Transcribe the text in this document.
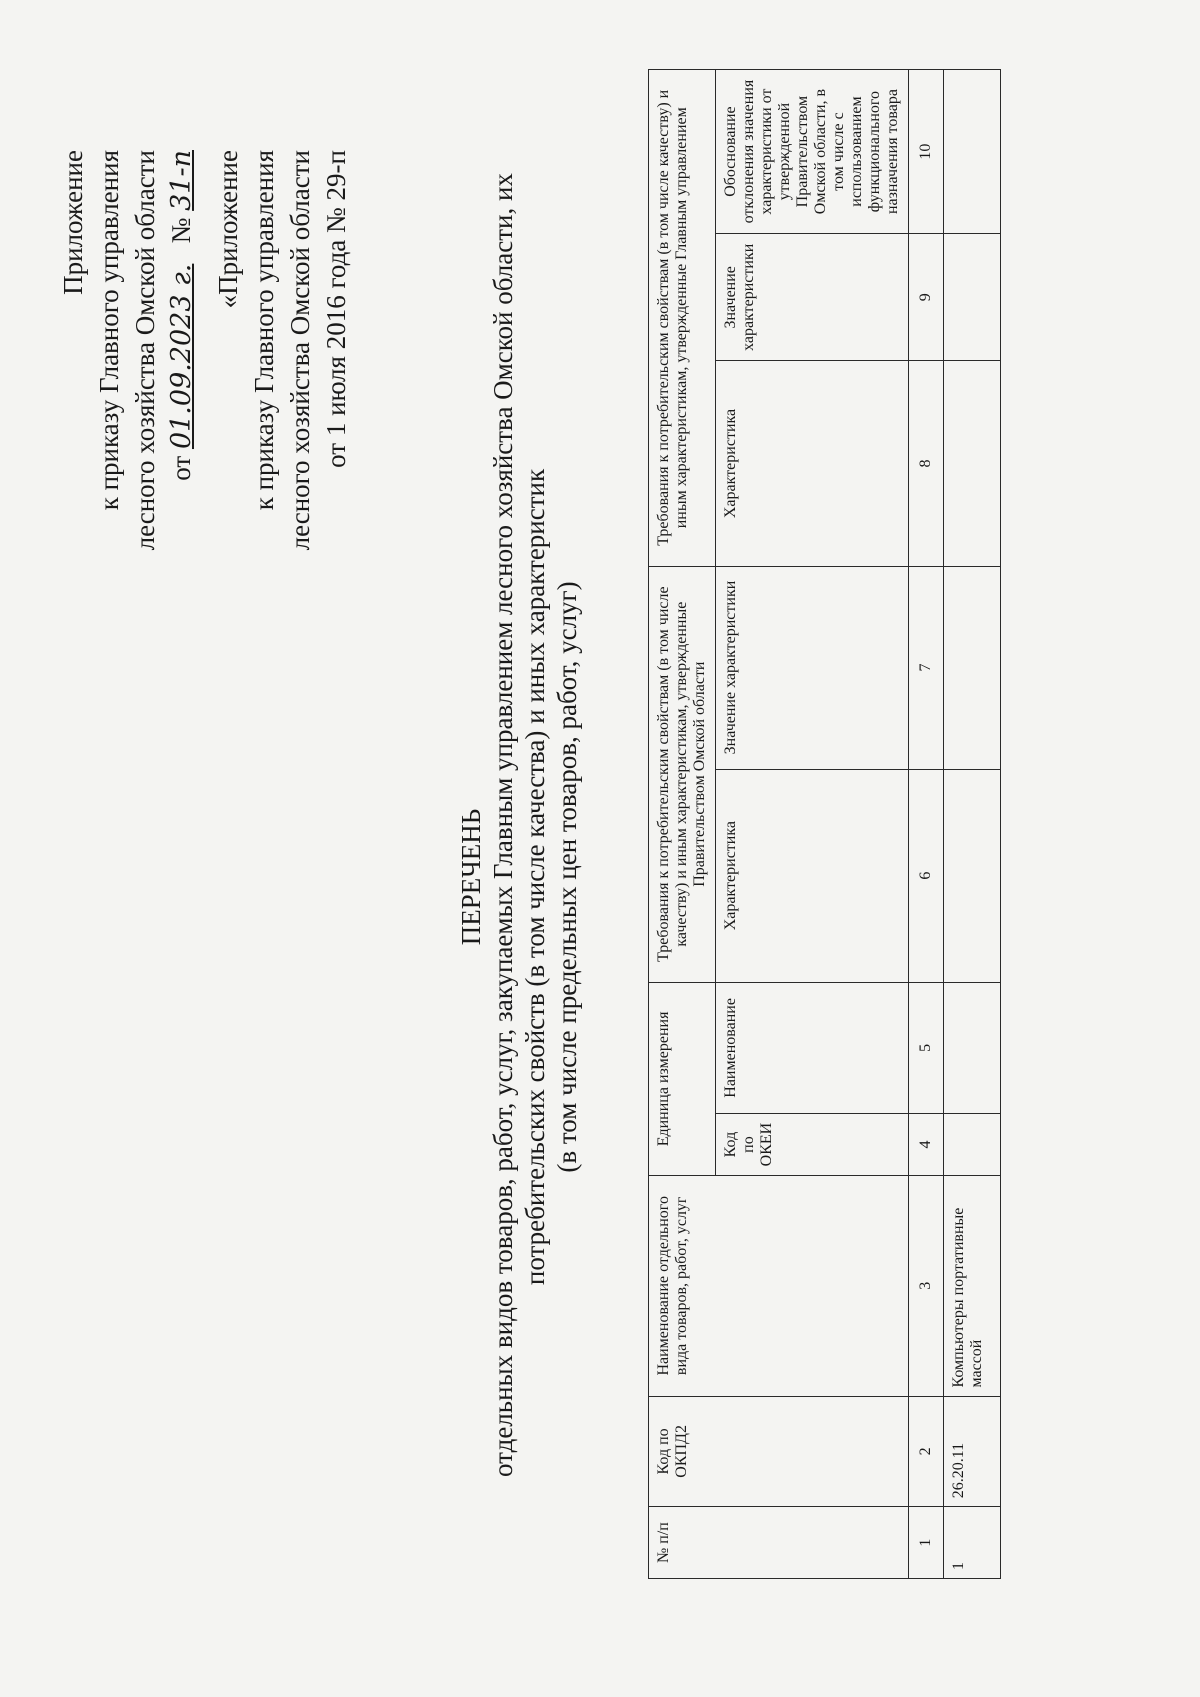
Приложение к приказу Главного управления лесного хозяйства Омской области от 01.09.2023 г.   № 31-п «Приложение к приказу Главного управления лесного хозяйства Омской области от 1 июля 2016 года № 29-п
ПЕРЕЧЕНЬ отдельных видов товаров, работ, услуг, закупаемых Главным управлением лесного хозяйства Омской области, их потребительских свойств (в том числе качества) и иных характеристик (в том числе предельных цен товаров, работ, услуг)
№ п/п	Код по ОКПД2	Наименование отдельного вида товаров, работ, услуг	Единица измерения		Требования к потребительским свойствам (в том числе качеству) и иным характеристикам, утвержденные Правительством Омской области		Требования к потребительским свойствам (в том числе качеству) и иным характеристикам, утвержденные Главным управлением		
			Код по ОКЕИ	Наименование	Характеристика	Значение характеристики	Характеристика	Значение характеристики	Обоснование отклонения значения характеристики от утвержденной Правительством Омской области, в том числе с использованием функционального назначения товара
1	2	3	4	5	6	7	8	9	10
1	26.20.11	Компьютеры портативные массой							
